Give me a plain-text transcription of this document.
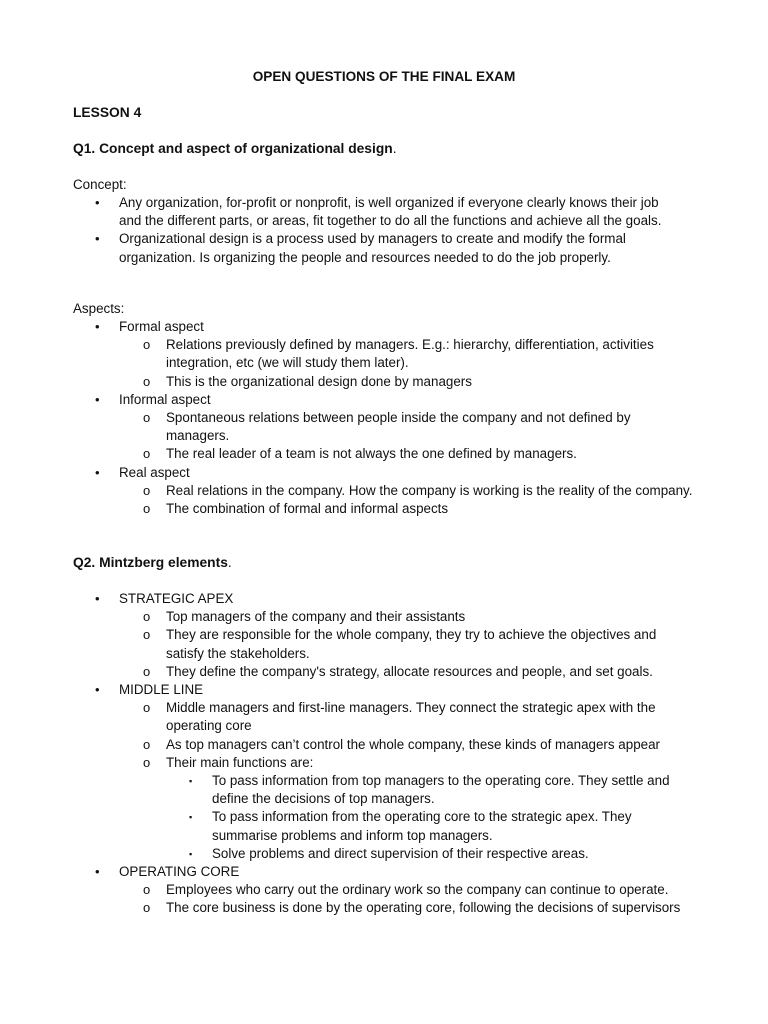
OPEN QUESTIONS OF THE FINAL EXAM
LESSON 4
Q1. Concept and aspect of organizational design.
Concept:
• Any organization, for-profit or nonprofit, is well organized if everyone clearly knows their job and the different parts, or areas, fit together to do all the functions and achieve all the goals.
• Organizational design is a process used by managers to create and modify the formal organization. Is organizing the people and resources needed to do the job properly.
Aspects:
• Formal aspect
o Relations previously defined by managers. E.g.: hierarchy, differentiation, activities integration, etc (we will study them later).
o This is the organizational design done by managers
• Informal aspect
o Spontaneous relations between people inside the company and not defined by managers.
o The real leader of a team is not always the one defined by managers.
• Real aspect
o Real relations in the company. How the company is working is the reality of the company.
o The combination of formal and informal aspects
Q2. Mintzberg elements.
• STRATEGIC APEX
o Top managers of the company and their assistants
o They are responsible for the whole company, they try to achieve the objectives and satisfy the stakeholders.
o They define the company's strategy, allocate resources and people, and set goals.
• MIDDLE LINE
o Middle managers and first-line managers. They connect the strategic apex with the operating core
o As top managers can’t control the whole company, these kinds of managers appear
o Their main functions are:
▪ To pass information from top managers to the operating core. They settle and define the decisions of top managers.
▪ To pass information from the operating core to the strategic apex. They summarise problems and inform top managers.
▪ Solve problems and direct supervision of their respective areas.
• OPERATING CORE
o Employees who carry out the ordinary work so the company can continue to operate.
o The core business is done by the operating core, following the decisions of supervisors
